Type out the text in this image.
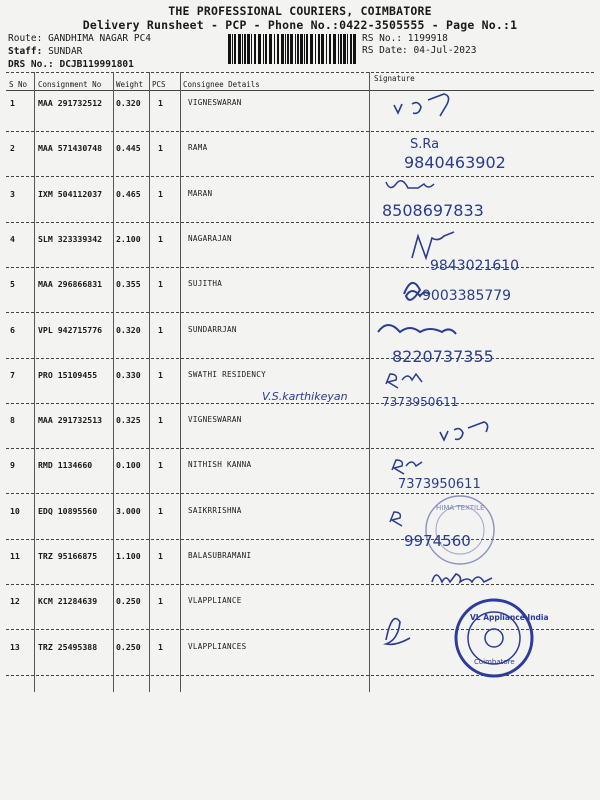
THE PROFESSIONAL COURIERS, COIMBATORE
Delivery Runsheet - PCP - Phone No.:0422-3505555 - Page No.:1
Route: GANDHIMA NAGAR PC4
Staff: SUNDAR
DRS No.: DCJB119991801
RS No.: 1199918
RS Date: 04-Jul-2023
S No Consignment No Weight PCS Consignee Details
Signature
1	MAA 291732512 0.320 1	VIGNESWARAN
2	MAA 571430748 0.445 1	RAMA
3	IXM 504112037 0.465 1	MARAN
4	SLM 323339342 2.100 1	NAGARAJAN
5	MAA 296866831 0.355 1	SUJITHA
6	VPL 942715776 0.320 1	SUNDARRJAN
7	PRO 15109455 0.330 1	SWATHI RESIDENCY
8	MAA 291732513 0.325 1	VIGNESWARAN
9	RMD 1134660	0.100 1	NITHISH KANNA
10 EDQ 10895560 3.000 1	SAIKRRISHNA
11 TRZ 95166875 1.100 1	BALASUBRAMANI
12 KCM 21284639 0.250 1	VLAPPLIANCE
13 TRZ 25495388 0.250 1	VLAPPLIANCES
S.Ra
9840463902
8508697833
9843021610
9003385779
8220737355
7373950611
V.S.karthikeyan
7373950611
HIMA TEXTILE
9974560
VL Appliance India
Coimbatore
